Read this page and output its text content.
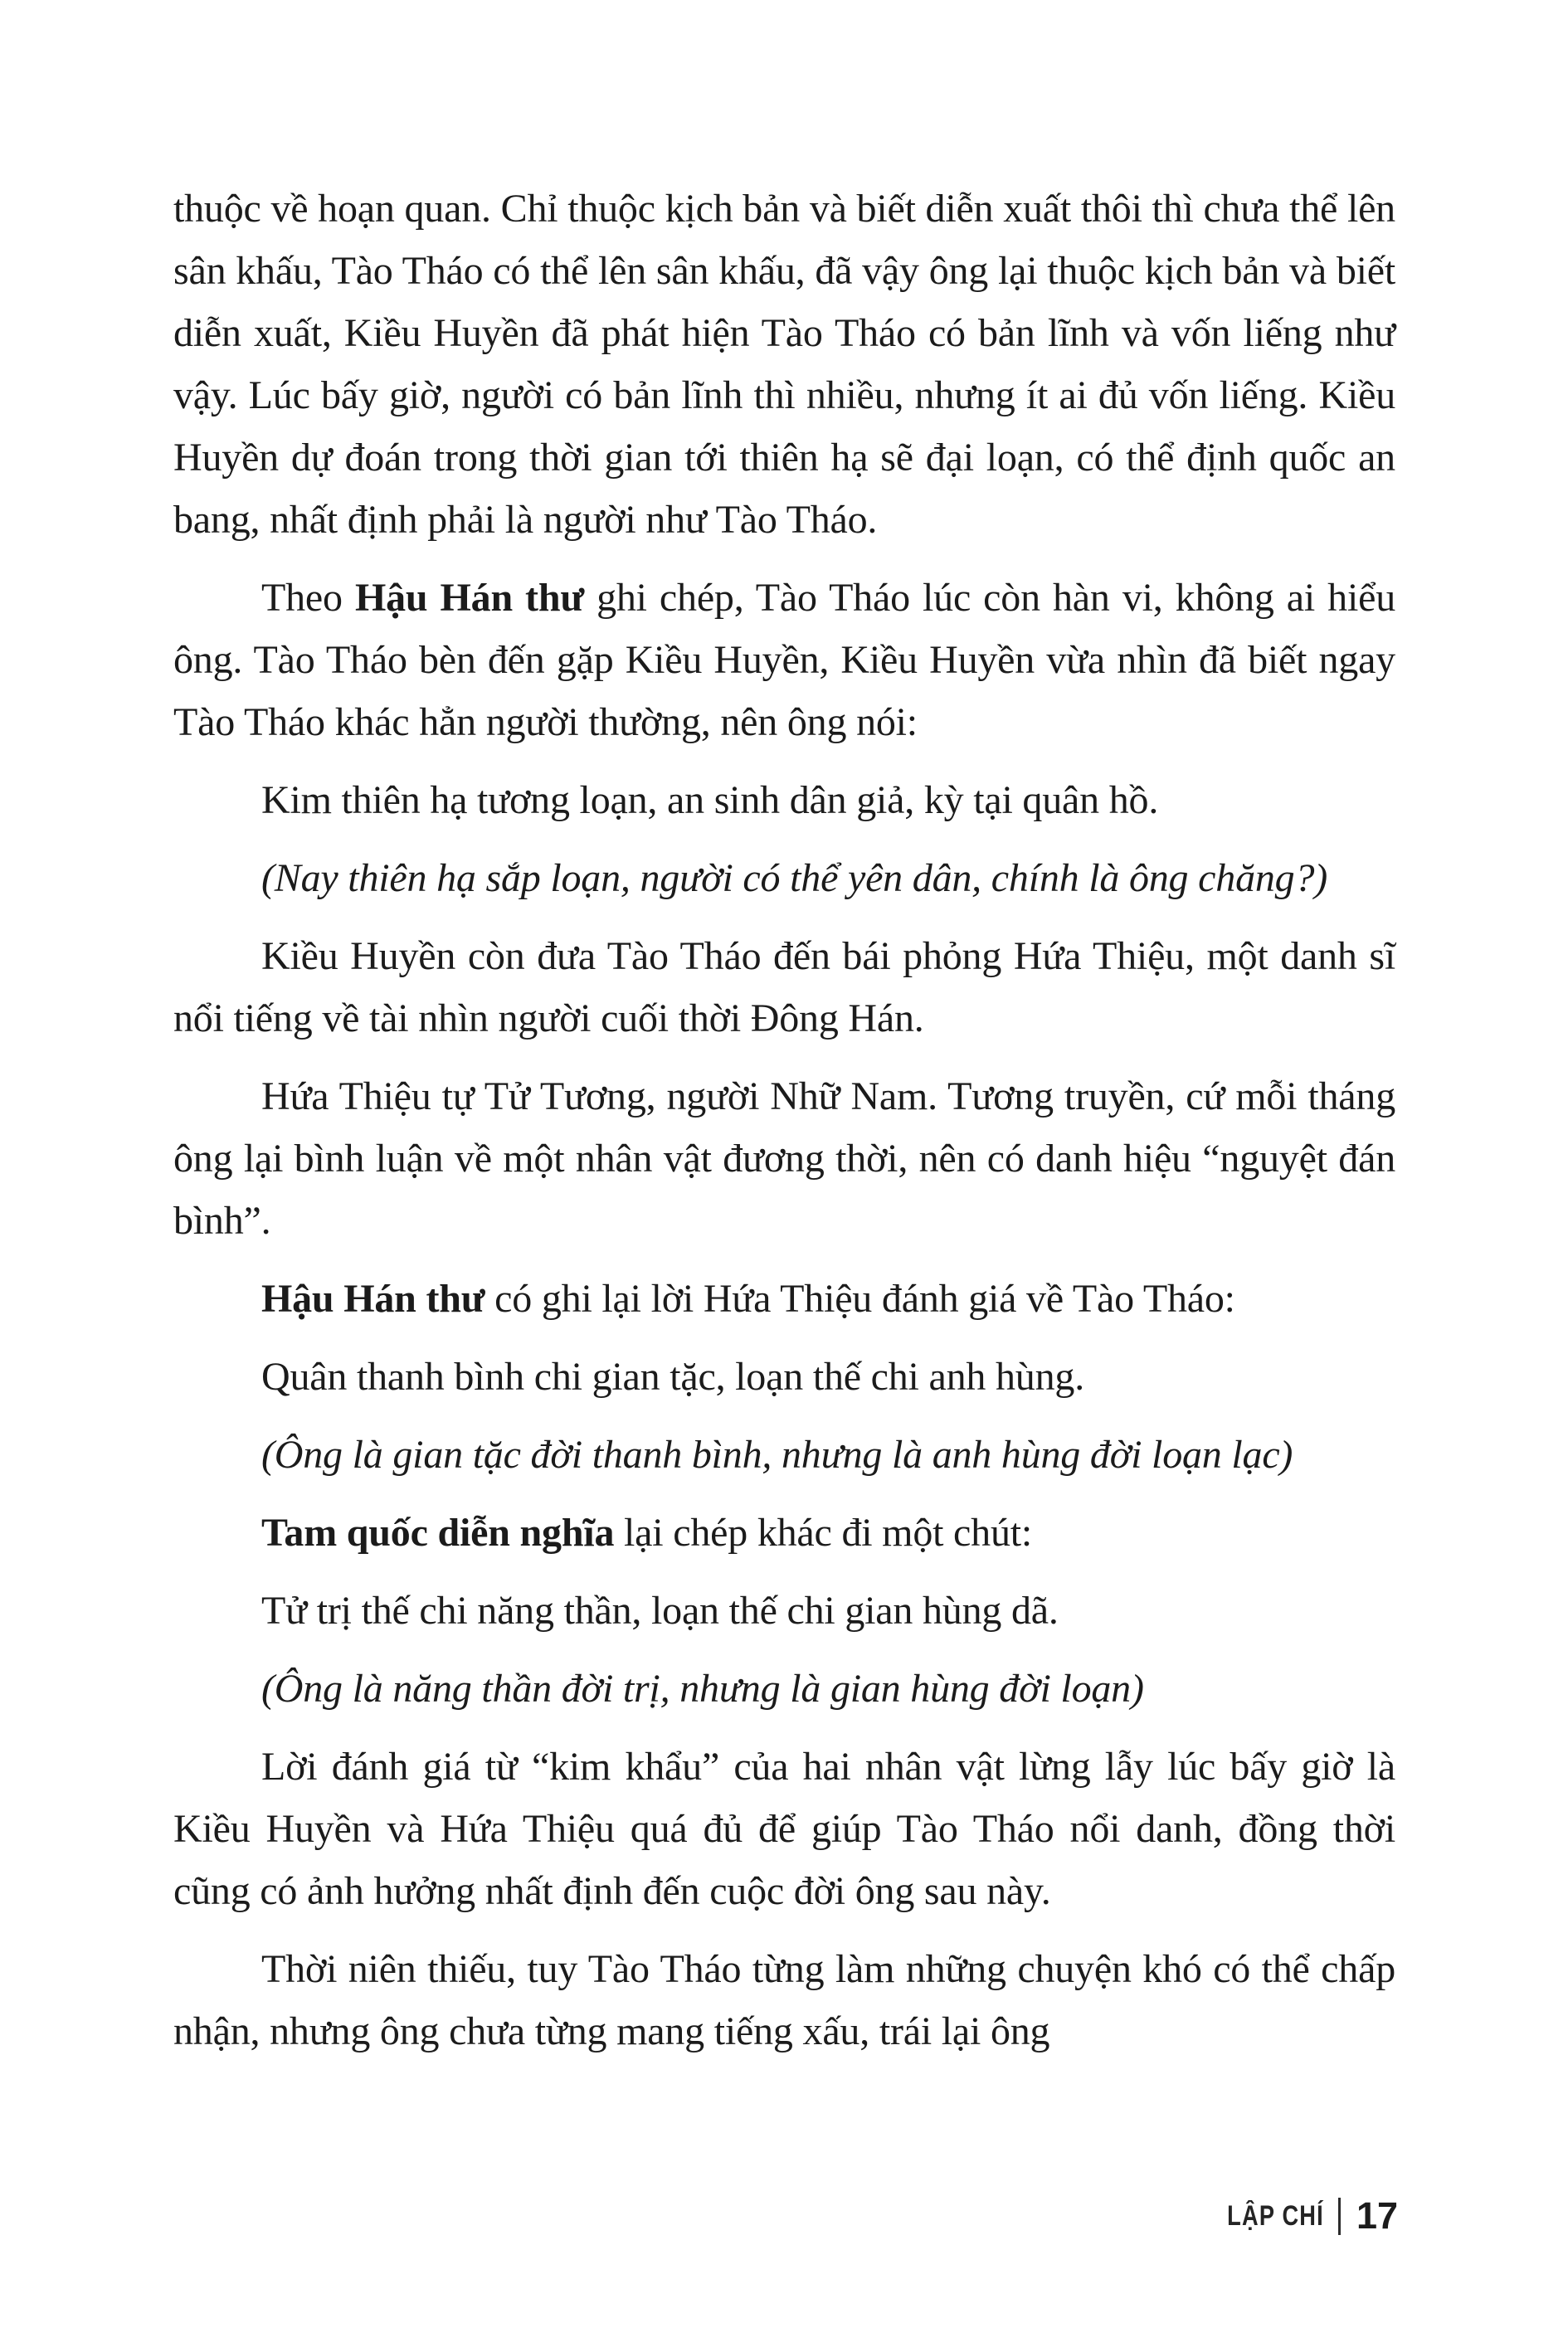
thuộc về hoạn quan. Chỉ thuộc kịch bản và biết diễn xuất thôi thì chưa thể lên sân khấu, Tào Tháo có thể lên sân khấu, đã vậy ông lại thuộc kịch bản và biết diễn xuất, Kiều Huyền đã phát hiện Tào Tháo có bản lĩnh và vốn liếng như vậy. Lúc bấy giờ, người có bản lĩnh thì nhiều, nhưng ít ai đủ vốn liếng. Kiều Huyền dự đoán trong thời gian tới thiên hạ sẽ đại loạn, có thể định quốc an bang, nhất định phải là người như Tào Tháo.

Theo Hậu Hán thư ghi chép, Tào Tháo lúc còn hàn vi, không ai hiểu ông. Tào Tháo bèn đến gặp Kiều Huyền, Kiều Huyền vừa nhìn đã biết ngay Tào Tháo khác hẳn người thường, nên ông nói:

Kim thiên hạ tương loạn, an sinh dân giả, kỳ tại quân hồ.

(Nay thiên hạ sắp loạn, người có thể yên dân, chính là ông chăng?)

Kiều Huyền còn đưa Tào Tháo đến bái phỏng Hứa Thiệu, một danh sĩ nổi tiếng về tài nhìn người cuối thời Đông Hán.

Hứa Thiệu tự Tử Tương, người Nhữ Nam. Tương truyền, cứ mỗi tháng ông lại bình luận về một nhân vật đương thời, nên có danh hiệu “nguyệt đán bình”.

Hậu Hán thư có ghi lại lời Hứa Thiệu đánh giá về Tào Tháo:

Quân thanh bình chi gian tặc, loạn thế chi anh hùng.

(Ông là gian tặc đời thanh bình, nhưng là anh hùng đời loạn lạc)

Tam quốc diễn nghĩa lại chép khác đi một chút:

Tử trị thế chi năng thần, loạn thế chi gian hùng dã.

(Ông là năng thần đời trị, nhưng là gian hùng đời loạn)

Lời đánh giá từ “kim khẩu” của hai nhân vật lừng lẫy lúc bấy giờ là Kiều Huyền và Hứa Thiệu quá đủ để giúp Tào Tháo nổi danh, đồng thời cũng có ảnh hưởng nhất định đến cuộc đời ông sau này.

Thời niên thiếu, tuy Tào Tháo từng làm những chuyện khó có thể chấp nhận, nhưng ông chưa từng mang tiếng xấu, trái lại ông

LẬP CHÍ 17
